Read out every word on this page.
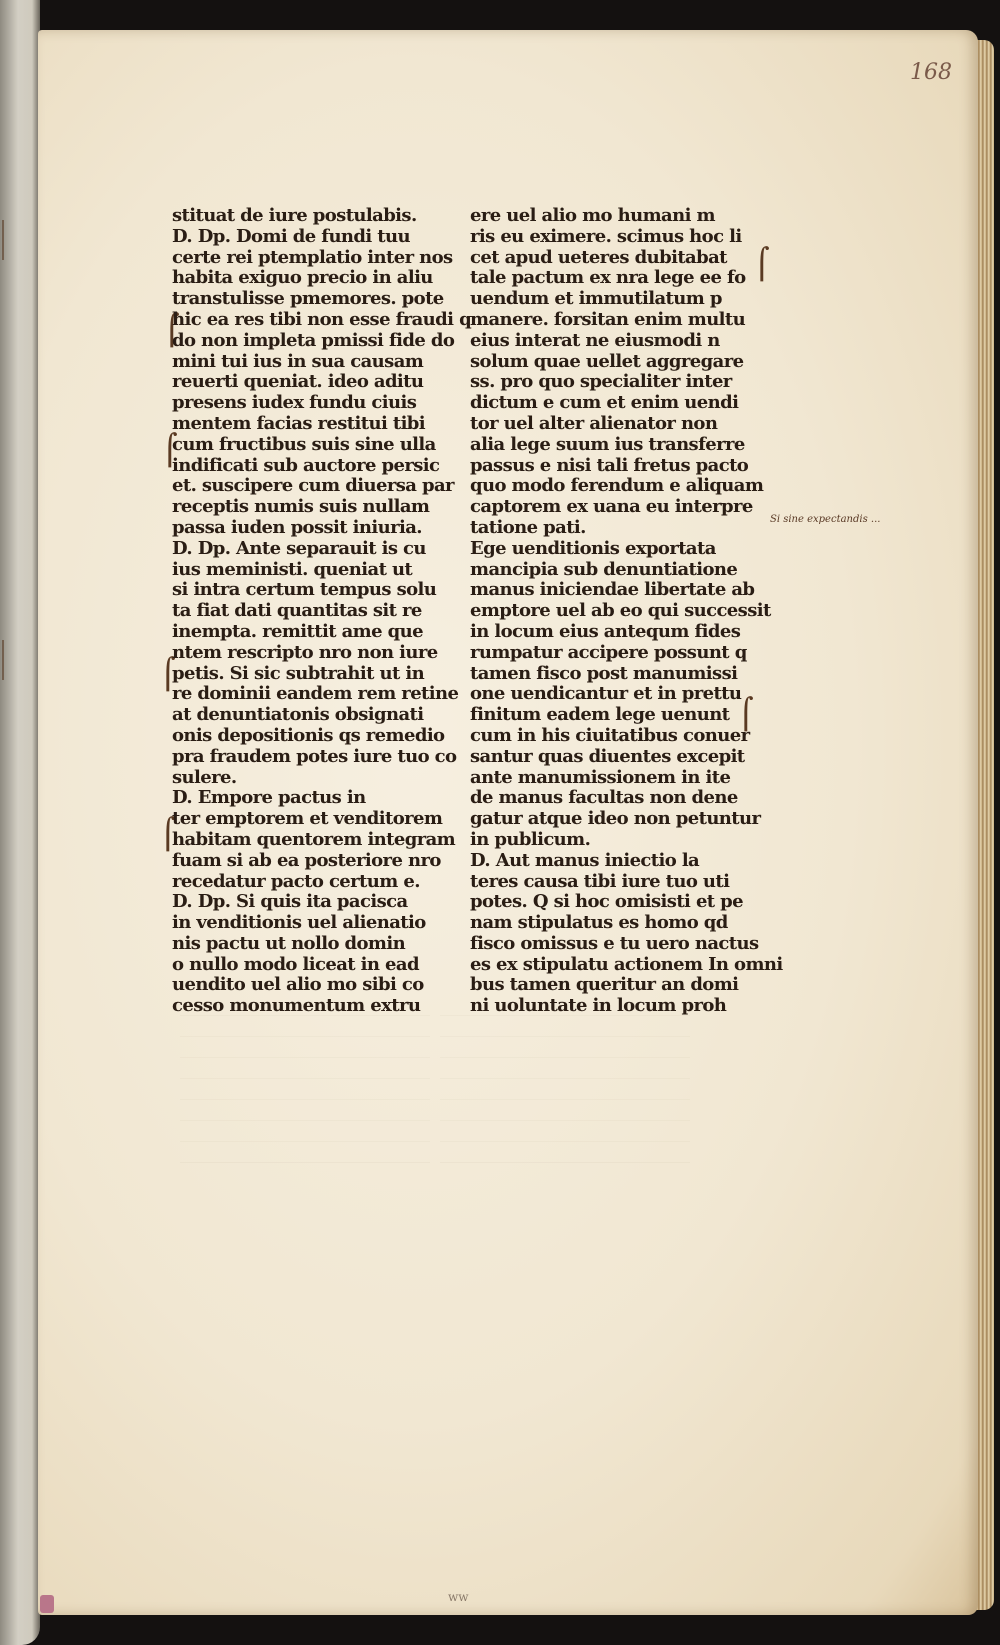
168
⌠
⌠
⌠
⌠
⌠
⌠
stituat de iure postulabis.
D. Dp. Domi de fundi tuu
certe rei ptemplatio inter nos
habita exiguo precio in aliu
transtulisse pmemores. pote
hic ea res tibi non esse fraudi q
do non impleta pmissi fide do
mini tui ius in sua causam
reuerti queniat. ideo aditu
presens iudex fundu ciuis
mentem facias restitui tibi
cum fructibus suis sine ulla
indificati sub auctore persic
et. suscipere cum diuersa par
receptis numis suis nullam
passa iuden possit iniuria.
D. Dp. Ante separauit is cu
ius meministi. queniat ut
si intra certum tempus solu
ta fiat dati quantitas sit re
inempta. remittit ame que
ntem rescripto nro non iure
petis. Si sic subtrahit ut in
re dominii eandem rem retine
at denuntiatonis obsignati
onis depositionis qs remedio
pra fraudem potes iure tuo co
sulere.
D. Empore pactus in
ter emptorem et venditorem
habitam quentorem integram
fuam si ab ea posteriore nro
recedatur pacto certum e.
D. Dp. Si quis ita pacisca
in venditionis uel alienatio
nis pactu ut nollo domin
o nullo modo liceat in ead
uendito uel alio mo sibi co
cesso monumentum extru
ere uel alio mo humani m
ris eu eximere. scimus hoc li
cet apud ueteres dubitabat
tale pactum ex nra lege ee fo
uendum et immutilatum p
manere. forsitan enim multu
eius interat ne eiusmodi n
solum quae uellet aggregare
ss. pro quo specialiter inter
dictum e cum et enim uendi
tor uel alter alienator non
alia lege suum ius transferre
passus e nisi tali fretus pacto
quo modo ferendum e aliquam
captorem ex uana eu interpre
tatione pati.
Ege uenditionis exportata
mancipia sub denuntiatione
manus iniciendae libertate ab
emptore uel ab eo qui successit
in locum eius antequm fides
rumpatur accipere possunt q
tamen fisco post manumissi
one uendicantur et in prettu
finitum eadem lege uenunt
cum in his ciuitatibus conuer
santur quas diuentes excepit
ante manumissionem in ite
de manus facultas non dene
gatur atque ideo non petuntur
in publicum.
D. Aut manus iniectio la
teres causa tibi iure tuo uti
potes. Q si hoc omisisti et pe
nam stipulatus es homo qd
fisco omissus e tu uero nactus
es ex stipulatu actionem In omni
bus tamen queritur an domi
ni uoluntate in locum proh
Si sine expectandis ...
ww
